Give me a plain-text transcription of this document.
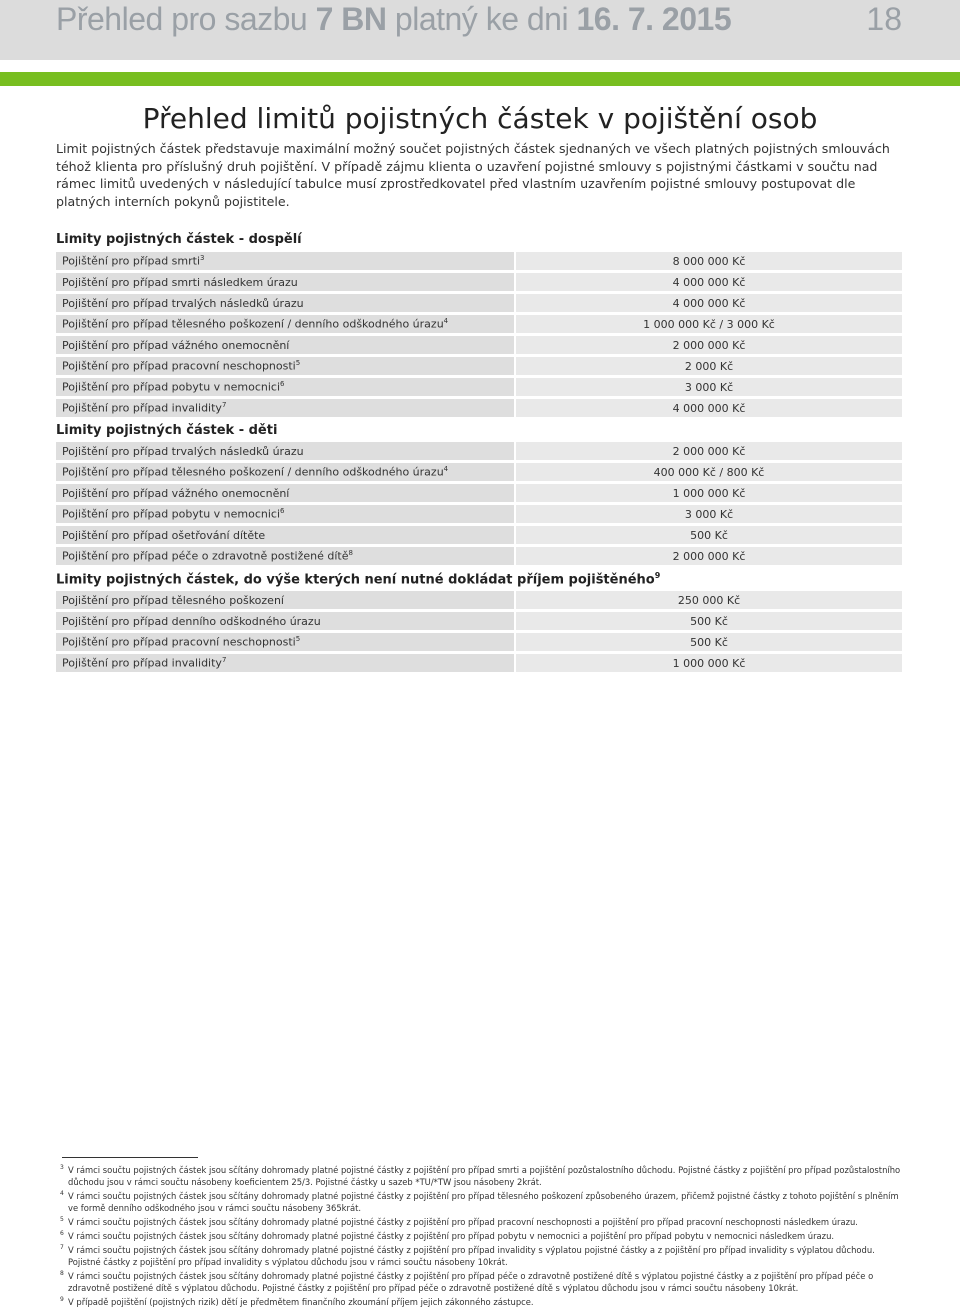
Přehled pro sazbu 7 BN platný ke dni 16. 7. 2015	18
Přehled limitů pojistných částek v pojištění osob
Limit pojistných částek představuje maximální možný součet pojistných částek sjednaných ve všech platných pojistných smlouvách téhož klienta pro příslušný druh pojištění. V případě zájmu klienta o uzavření pojistné smlouvy s pojistnými částkami v součtu nad rámec limitů uvedených v následující tabulce musí zprostředkovatel před vlastním uzavřením pojistné smlouvy postupovat dle platných interních pokynů pojistitele.
Limity pojistných částek - dospělí
Pojištění pro případ smrti$^3$		8 000 000 Kč
Pojištění pro případ smrti následkem úrazu		4 000 000 Kč
Pojištění pro případ trvalých následků úrazu		4 000 000 Kč
Pojištění pro případ tělesného poškození / denního odškodného úrazu$^4$		1 000 000 Kč / 3 000 Kč
Pojištění pro případ vážného onemocnění		2 000 000 Kč
Pojištění pro případ pracovní neschopnosti$^5$		2 000 Kč
Pojištění pro případ pobytu v nemocnici$^6$		3 000 Kč
Pojištění pro případ invalidity$^7$		4 000 000 Kč
Limity pojistných částek - děti
Pojištění pro případ trvalých následků úrazu		2 000 000 Kč
Pojištění pro případ tělesného poškození / denního odškodného úrazu$^4$		400 000 Kč / 800 Kč
Pojištění pro případ vážného onemocnění		1 000 000 Kč
Pojištění pro případ pobytu v nemocnici$^6$		3 000 Kč
Pojištění pro případ ošetřování dítěte		500 Kč
Pojištění pro případ péče o zdravotně postižené dítě$^8$		2 000 000 Kč
Limity pojistných částek, do výše kterých není nutné dokládat příjem pojištěného$^9$
Pojištění pro případ tělesného poškození		250 000 Kč
Pojištění pro případ denního odškodného úrazu		500 Kč
Pojištění pro případ pracovní neschopnosti$^5$		500 Kč
Pojištění pro případ invalidity$^7$		1 000 000 Kč
3 V rámci součtu pojistných částek jsou sčítány dohromady platné pojistné částky z pojištění pro případ smrti a pojištění pozůstalostního důchodu. Pojistné částky z pojištění pro případ pozůstalostního důchodu jsou v rámci součtu násobeny koeficientem 25/3. Pojistné částky u sazeb *TU/*TW jsou násobeny 2krát.
4 V rámci součtu pojistných částek jsou sčítány dohromady platné pojistné částky z pojištění pro případ tělesného poškození způsobeného úrazem, přičemž pojistné částky z tohoto pojištění s plněním ve formě denního odškodného jsou v rámci součtu násobeny 365krát.
5 V rámci součtu pojistných částek jsou sčítány dohromady platné pojistné částky z pojištění pro případ pracovní neschopnosti a pojištění pro případ pracovní neschopnosti následkem úrazu.
6 V rámci součtu pojistných částek jsou sčítány dohromady platné pojistné částky z pojištění pro případ pobytu v nemocnici a pojištění pro případ pobytu v nemocnici následkem úrazu.
7 V rámci součtu pojistných částek jsou sčítány dohromady platné pojistné částky z pojištění pro případ invalidity s výplatou pojistné částky a z pojištění pro případ invalidity s výplatou důchodu. Pojistné částky z pojištění pro případ invalidity s výplatou důchodu jsou v rámci součtu násobeny 10krát.
8 V rámci součtu pojistných částek jsou sčítány dohromady platné pojistné částky z pojištění pro případ péče o zdravotně postižené dítě s výplatou pojistné částky a z pojištění pro případ péče o zdravotně postižené dítě s výplatou důchodu. Pojistné částky z pojištění pro případ péče o zdravotně postižené dítě s výplatou důchodu jsou v rámci součtu násobeny 10krát.
9 V případě pojištění (pojistných rizik) dětí je předmětem finančního zkoumání příjem jejich zákonného zástupce.
